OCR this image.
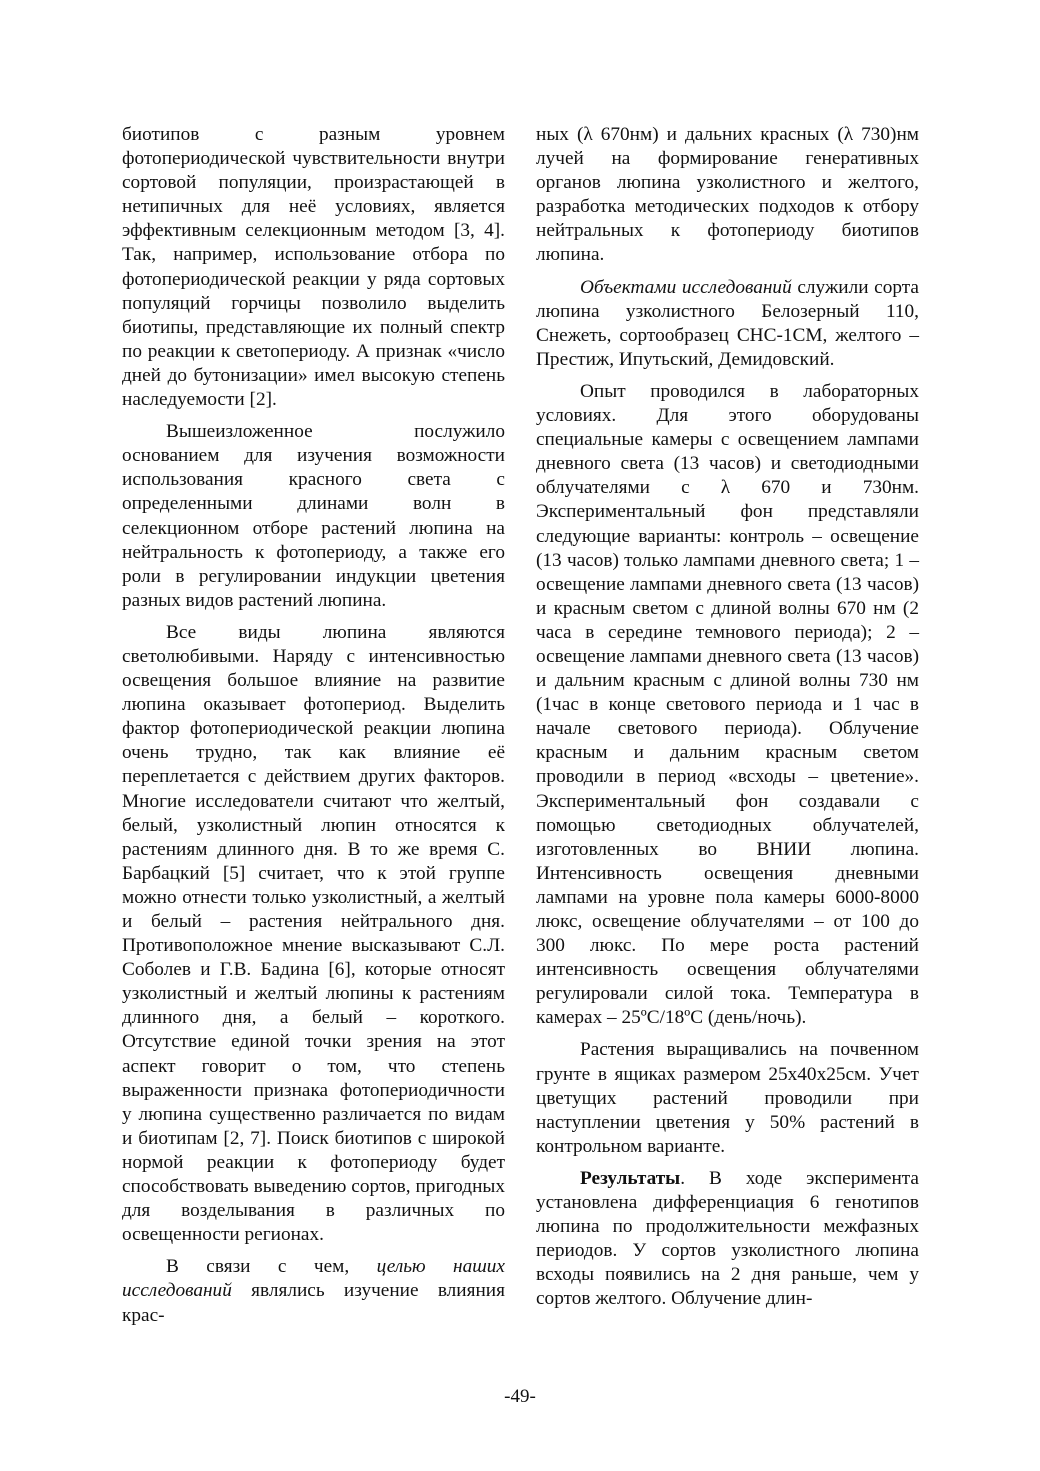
биотипов с разным уровнем фотопериодической чувствительности внутри сортовой популяции, произрастающей в нетипичных для неё условиях, является эффективным селекционным методом [3, 4]. Так, например, использование отбора по фотопериодической реакции у ряда сортовых популяций горчицы позволило выделить биотипы, представляющие их полный спектр по реакции к светопериоду. А признак «число дней до бутонизации» имел высокую степень наследуемости [2].

Вышеизложенное послужило основанием для изучения возможности использования красного света с определенными длинами волн в селекционном отборе растений люпина на нейтральность к фотопериоду, а также его роли в регулировании индукции цветения разных видов растений люпина.

Все виды люпина являются светолюбивыми. Наряду с интенсивностью освещения большое влияние на развитие люпина оказывает фотопериод. Выделить фактор фотопериодической реакции люпина очень трудно, так как влияние её переплетается с действием других факторов. Многие исследователи считают что желтый, белый, узколистный люпин относятся к растениям длинного дня. В то же время С. Барбацкий [5] считает, что к этой группе можно отнести только узколистный, а желтый и белый – растения нейтрального дня. Противоположное мнение высказывают С.Л. Соболев и Г.В. Бадина [6], которые относят узколистный и желтый люпины к растениям длинного дня, а белый – короткого. Отсутствие единой точки зрения на этот аспект говорит о том, что степень выраженности признака фотопериодичности у люпина существенно различается по видам и биотипам [2, 7]. Поиск биотипов с широкой нормой реакции к фотопериоду будет способствовать выведению сортов, пригодных для возделывания в различных по освещенности регионах.

В связи с чем, целью наших исследований являлись изучение влияния крас-

ных (λ 670нм) и дальних красных (λ 730)нм лучей на формирование генеративных органов люпина узколистного и желтого, разработка методических подходов к отбору нейтральных к фотопериоду биотипов люпина.

Объектами исследований служили сорта люпина узколистного Белозерный 110, Снежеть, сортообразец СНС-1СМ, желтого – Престиж, Ипутьский, Демидовский.

Опыт проводился в лабораторных условиях. Для этого оборудованы специальные камеры с освещением лампами дневного света (13 часов) и светодиодными облучателями с λ 670 и 730нм. Экспериментальный фон представляли следующие варианты: контроль – освещение (13 часов) только лампами дневного света; 1 – освещение лампами дневного света (13 часов) и красным светом с длиной волны 670 нм (2 часа в середине темнового периода); 2 – освещение лампами дневного света (13 часов) и дальним красным с длиной волны 730 нм (1час в конце светового периода и 1 час в начале светового периода). Облучение красным и дальним красным светом проводили в период «всходы – цветение». Экспериментальный фон создавали с помощью светодиодных облучателей, изготовленных во ВНИИ люпина. Интенсивность освещения дневными лампами на уровне пола камеры 6000-8000 люкс, освещение облучателями – от 100 до 300 люкс. По мере роста растений интенсивность освещения облучателями регулировали силой тока. Температура в камерах – 25ºС/18ºС (день/ночь).

Растения выращивались на почвенном грунте в ящиках размером 25х40х25см. Учет цветущих растений проводили при наступлении цветения у 50% растений в контрольном варианте.

Результаты. В ходе эксперимента установлена дифференциация 6 генотипов люпина по продолжительности межфазных периодов. У сортов узколистного люпина всходы появились на 2 дня раньше, чем у сортов желтого. Облучение длин-

-49-
